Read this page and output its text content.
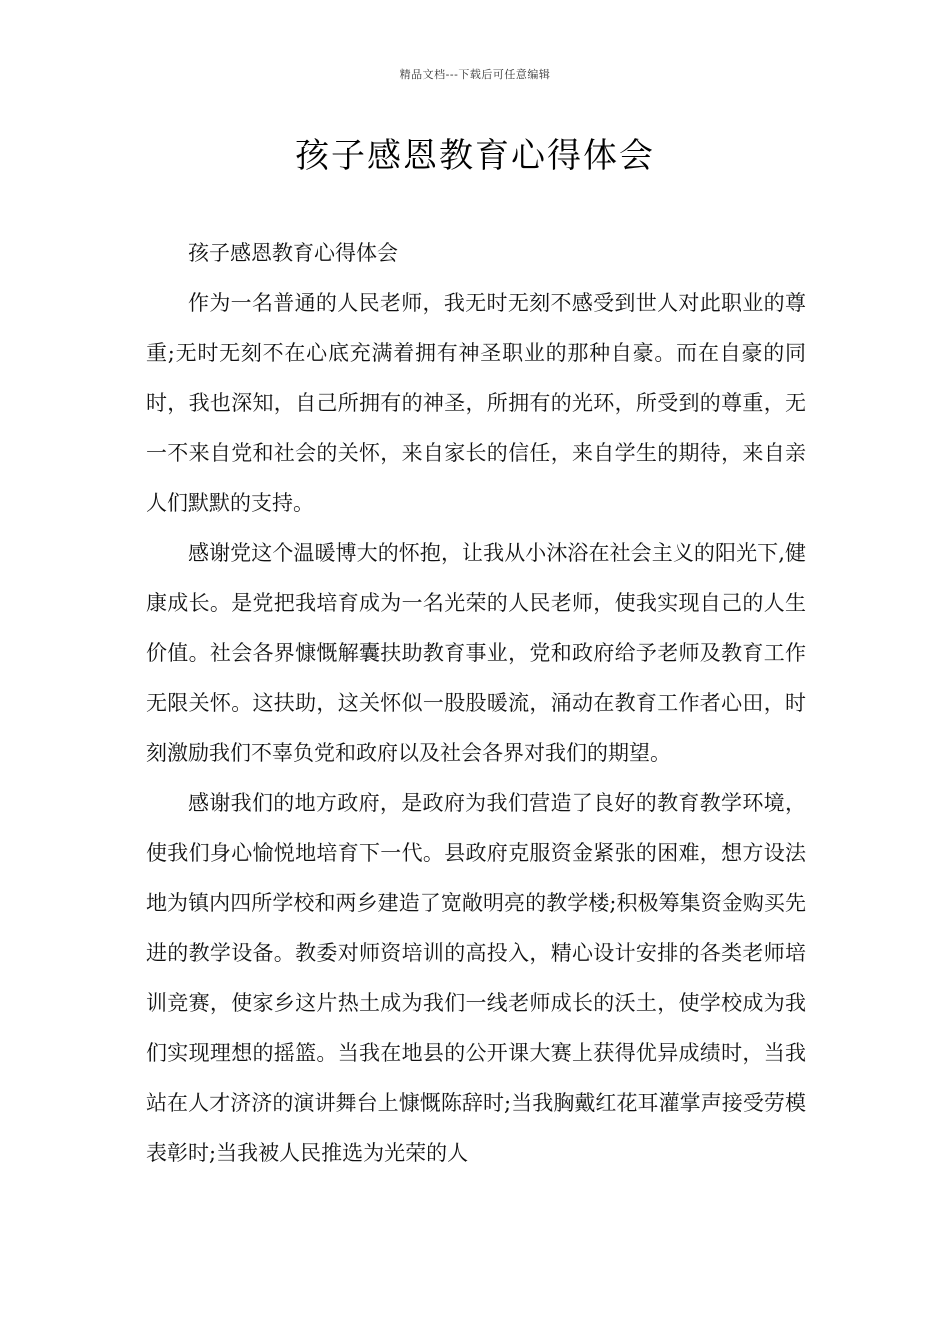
精品文档---下载后可任意编辑
孩子感恩教育心得体会

孩子感恩教育心得体会

作为一名普通的人民老师，我无时无刻不感受到世人对此职业的尊重;无时无刻不在心底充满着拥有神圣职业的那种自豪。而在自豪的同时，我也深知，自己所拥有的神圣，所拥有的光环，所受到的尊重，无一不来自党和社会的关怀，来自家长的信任，来自学生的期待，来自亲人们默默的支持。

感谢党这个温暖博大的怀抱，让我从小沐浴在社会主义的阳光下,健康成长。是党把我培育成为一名光荣的人民老师，使我实现自己的人生价值。社会各界慷慨解囊扶助教育事业，党和政府给予老师及教育工作无限关怀。这扶助，这关怀似一股股暖流，涌动在教育工作者心田，时刻激励我们不辜负党和政府以及社会各界对我们的期望。

感谢我们的地方政府，是政府为我们营造了良好的教育教学环境，使我们身心愉悦地培育下一代。县政府克服资金紧张的困难，想方设法地为镇内四所学校和两乡建造了宽敞明亮的教学楼;积极筹集资金购买先进的教学设备。教委对师资培训的高投入，精心设计安排的各类老师培训竞赛，使家乡这片热土成为我们一线老师成长的沃土，使学校成为我们实现理想的摇篮。当我在地县的公开课大赛上获得优异成绩时，当我站在人才济济的演讲舞台上慷慨陈辞时;当我胸戴红花耳灌掌声接受劳模表彰时;当我被人民推选为光荣的人
